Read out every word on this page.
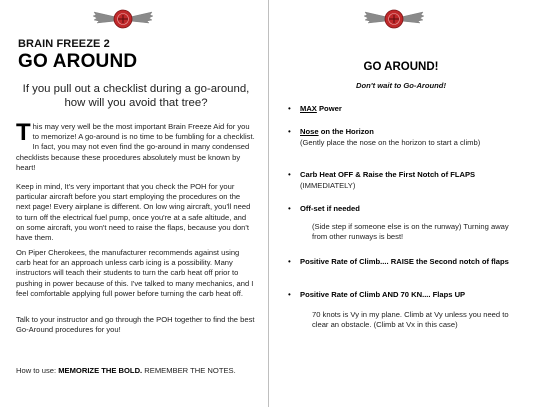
BRAIN FREEZE 2
GO AROUND
If you pull out a checklist during a go-around, how will you avoid that tree?

This may very well be the most important Brain Freeze Aid for you to memorize! A go-around is no time to be fumbling for a checklist. In fact, you may not even find the go-around in many condensed checklists because these procedures absolutely must be known by heart!

Keep in mind, It's very important that you check the POH for your particular aircraft before you start employing the procedures on the next page! Every airplane is different. On low wing aircraft, you'll need to turn off the electrical fuel pump, once you're at a safe altitude, and on some aircraft, you won't need to raise the flaps, because you don't have them.

On Piper Cherokees, the manufacturer recommends against using carb heat for an approach unless carb icing is a possibility. Many instructors will teach their students to turn the carb heat off prior to pushing in power because of this. I've talked to many mechanics, and I feel comfortable applying full power before turning the carb heat off.

Talk to your instructor and go through the POH together to find the best Go-Around procedures for you!

How to use: MEMORIZE THE BOLD. REMEMBER THE NOTES.
GO AROUND!
Don't wait to Go-Around!
• MAX Power
• Nose on the Horizon
(Gently place the nose on the horizon to start a climb)
• Carb Heat OFF & Raise the First Notch of FLAPS
(IMMEDIATELY)
• Off-set if needed
(Side step if someone else is on the runway) Turning away from other runways is best!
• Positive Rate of Climb.... RAISE the Second notch of flaps
• Positive Rate of Climb AND 70 KN.... Flaps UP
70 knots is Vy in my plane. Climb at Vy unless you need to clear an obstacle. (Climb at Vx in this case)
